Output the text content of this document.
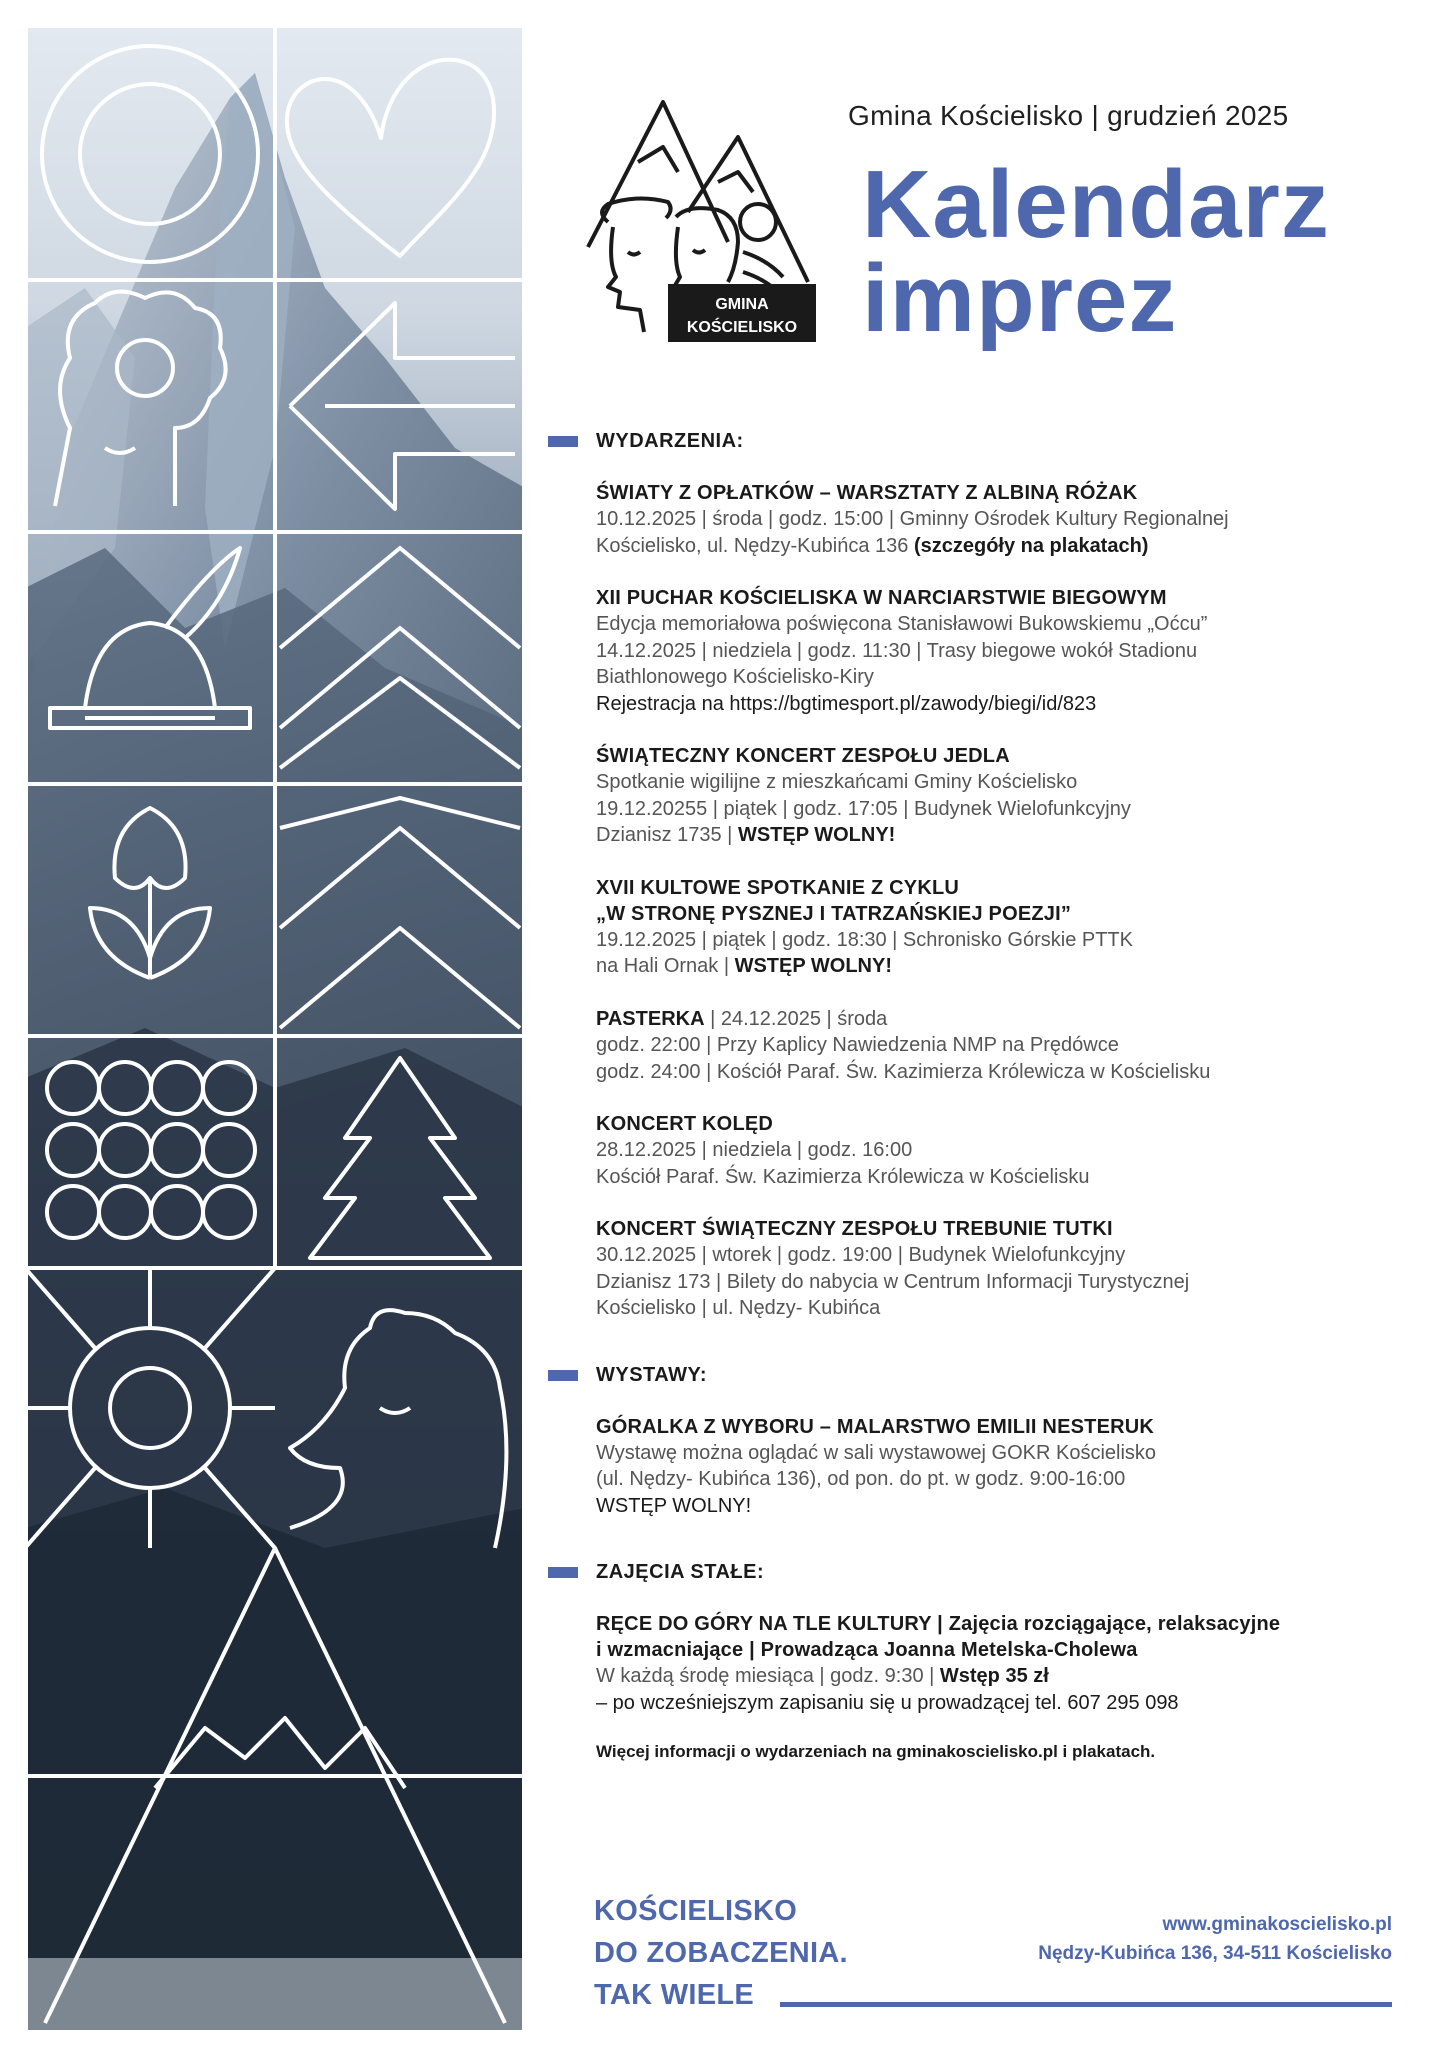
GMINA
KOŚCIELISKO
Gmina Kościelisko | grudzień 2025
Kalendarz
imprez
WYDARZENIA:
ŚWIATY Z OPŁATKÓW – WARSZTATY Z ALBINĄ RÓŻAK
10.12.2025 | środa | godz. 15:00 | Gminny Ośrodek Kultury Regionalnej
Kościelisko, ul. Nędzy-Kubińca 136 (szczegóły na plakatach)
XII PUCHAR KOŚCIELISKA W NARCIARSTWIE BIEGOWYM
Edycja memoriałowa poświęcona Stanisławowi Bukowskiemu „Oćcu”
14.12.2025 | niedziela | godz. 11:30 | Trasy biegowe wokół Stadionu
Biathlonowego Kościelisko-Kiry
Rejestracja na https://bgtimesport.pl/zawody/biegi/id/823
ŚWIĄTECZNY KONCERT ZESPOŁU JEDLA
Spotkanie wigilijne z mieszkańcami Gminy Kościelisko
19.12.20255 | piątek | godz. 17:05 | Budynek Wielofunkcyjny
Dzianisz 1735 | WSTĘP WOLNY!
XVII KULTOWE SPOTKANIE Z CYKLU
„W STRONĘ PYSZNEJ I TATRZAŃSKIEJ POEZJI”
19.12.2025 | piątek | godz. 18:30 | Schronisko Górskie PTTK
na Hali Ornak | WSTĘP WOLNY!
PASTERKA | 24.12.2025 | środa
godz. 22:00 | Przy Kaplicy Nawiedzenia NMP na Prędówce
godz. 24:00 | Kościół Paraf. Św. Kazimierza Królewicza w Kościelisku
KONCERT KOLĘD
28.12.2025 | niedziela | godz. 16:00
Kościół Paraf. Św. Kazimierza Królewicza w Kościelisku
KONCERT ŚWIĄTECZNY ZESPOŁU TREBUNIE TUTKI
30.12.2025 | wtorek | godz. 19:00 | Budynek Wielofunkcyjny
Dzianisz 173 | Bilety do nabycia w Centrum Informacji Turystycznej
Kościelisko | ul. Nędzy- Kubińca
WYSTAWY:
GÓRALKA Z WYBORU – MALARSTWO EMILII NESTERUK
Wystawę można oglądać w sali wystawowej GOKR Kościelisko
(ul. Nędzy- Kubińca 136), od pon. do pt. w godz. 9:00-16:00
WSTĘP WOLNY!
ZAJĘCIA STAŁE:
RĘCE DO GÓRY NA TLE KULTURY | Zajęcia rozciągające, relaksacyjne
i wzmacniające | Prowadząca Joanna Metelska-Cholewa
W każdą środę miesiąca | godz. 9:30 | Wstęp 35 zł
– po wcześniejszym zapisaniu się u prowadzącej tel. 607 295 098
Więcej informacji o wydarzeniach na gminakoscielisko.pl i plakatach.
KOŚCIELISKO
DO ZOBACZENIA.
TAK WIELE
www.gminakoscielisko.pl
Nędzy-Kubińca 136, 34-511 Kościelisko
